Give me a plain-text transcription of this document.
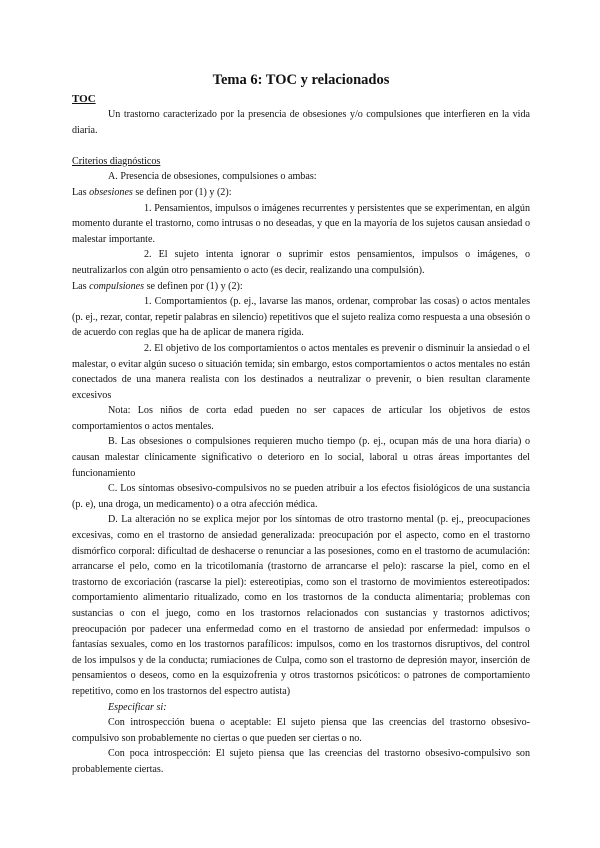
Tema 6: TOC y relacionados
TOC

Un trastorno caracterizado por la presencia de obsesiones y/o compulsiones que interfieren en la vida diaria.

Criterios diagnósticos

A. Presencia de obsesiones, compulsiones o ambas:

Las obsesiones se definen por (1) y (2):

1. Pensamientos, impulsos o imágenes recurrentes y persistentes que se experimentan, en algún momento durante el trastorno, como intrusas o no deseadas, y que en la mayoría de los sujetos causan ansiedad o malestar importante.

2. El sujeto intenta ignorar o suprimir estos pensamientos, impulsos o imágenes, o neutralizarlos con algún otro pensamiento o acto (es decir, realizando una compulsión).

Las compulsiones se definen por (1) y (2):

1. Comportamientos (p. ej., lavarse las manos, ordenar, comprobar las cosas) o actos mentales (p. ej., rezar, contar, repetir palabras en silencio) repetitivos que el sujeto realiza como respuesta a una obsesión o de acuerdo con reglas que ha de aplicar de manera rígida.

2. El objetivo de los comportamientos o actos mentales es prevenir o disminuir la ansiedad o el malestar, o evitar algún suceso o situación temida; sin embargo, estos comportamientos o actos mentales no están conectados de una manera realista con los destinados a neutralizar o prevenir, o bien resultan claramente excesivos

Nota: Los niños de corta edad pueden no ser capaces de articular los objetivos de estos comportamientos o actos mentales.

B. Las obsesiones o compulsiones requieren mucho tiempo (p. ej., ocupan más de una hora diaria) o causan malestar clínicamente significativo o deterioro en lo social, laboral u otras áreas importantes del funcionamiento

C. Los síntomas obsesivo-compulsivos no se pueden atribuir a los efectos fisiológicos de una sustancia (p. e), una droga, un medicamento) o a otra afección médica.

D. La alteración no se explica mejor por los síntomas de otro trastorno mental (p. ej., preocupaciones excesivas, como en el trastorno de ansiedad generalizada: preocupación por el aspecto, como en el trastorno dismórfico corporal: dificultad de deshacerse o renunciar a las posesiones, como en el trastorno de acumulación: arrancarse el pelo, como en la tricotilomanía (trastorno de arrancarse el pelo): rascarse la piel, como en el trastorno de excoriación (rascarse la piel): estereotipias, como son el trastorno de movimientos estereotipados: comportamiento alimentario ritualizado, como en los trastornos de la conducta alimentaria; problemas con sustancias o con el juego, como en los trastornos relacionados con sustancias y trastornos adictivos; preocupación por padecer una enfermedad como en el trastorno de ansiedad por enfermedad: impulsos o fantasías sexuales, como en los trastornos parafílicos: impulsos, como en los trastornos disruptivos, del control de los impulsos y de la conducta; rumiaciones de Culpa, como son el trastorno de depresión mayor, inserción de pensamientos o deseos, como en la esquizofrenia y otros trastornos psicóticos: o patrones de comportamiento repetitivo, como en los trastornos del espectro autista)

Especificar si:

Con introspección buena o aceptable: El sujeto piensa que las creencias del trastorno obsesivo-compulsivo son probablemente no ciertas o que pueden ser ciertas o no.

Con poca introspección: El sujeto piensa que las creencias del trastorno obsesivo-compulsivo son probablemente ciertas.
